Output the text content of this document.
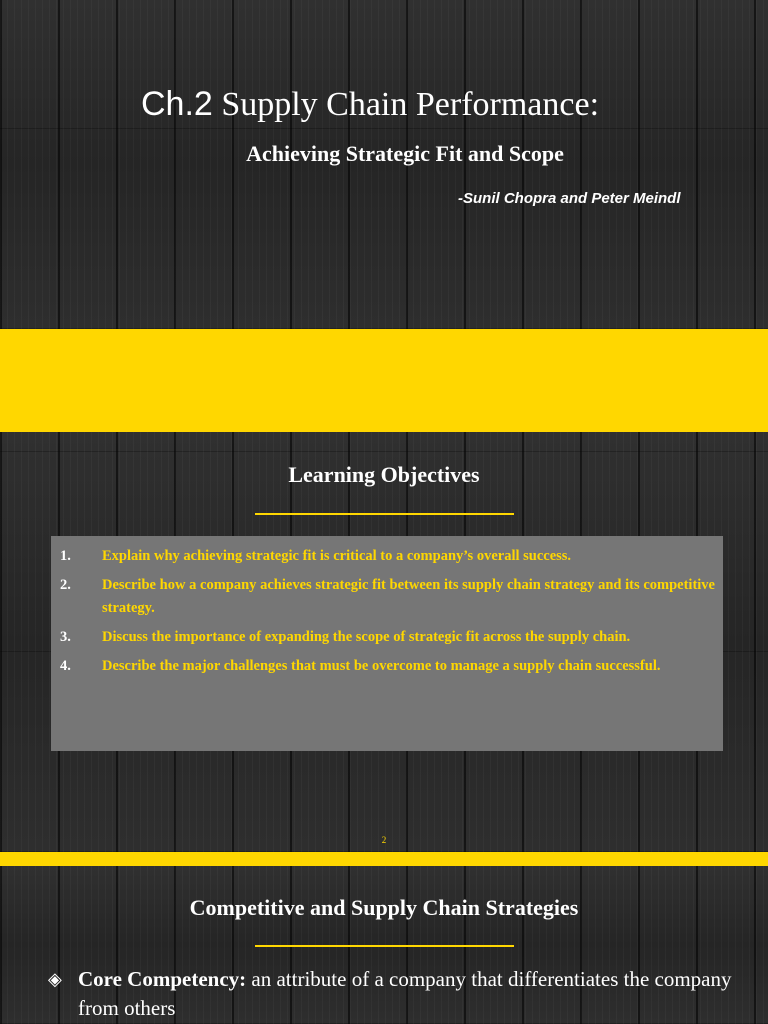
Ch.2 Supply Chain Performance:
Achieving Strategic Fit and Scope
-Sunil Chopra and Peter Meindl
Learning Objectives
1.	Explain why achieving strategic fit is critical to a company’s overall success.
2.	Describe how a company achieves strategic fit between its supply chain strategy and its competitive strategy.
3.	Discuss the importance of expanding the scope of strategic fit across the supply chain.
4.	Describe the major challenges that must be overcome to manage a supply chain successful.
2
Competitive and Supply Chain Strategies
◈ Core Competency: an attribute of a company that differentiates the company from others
